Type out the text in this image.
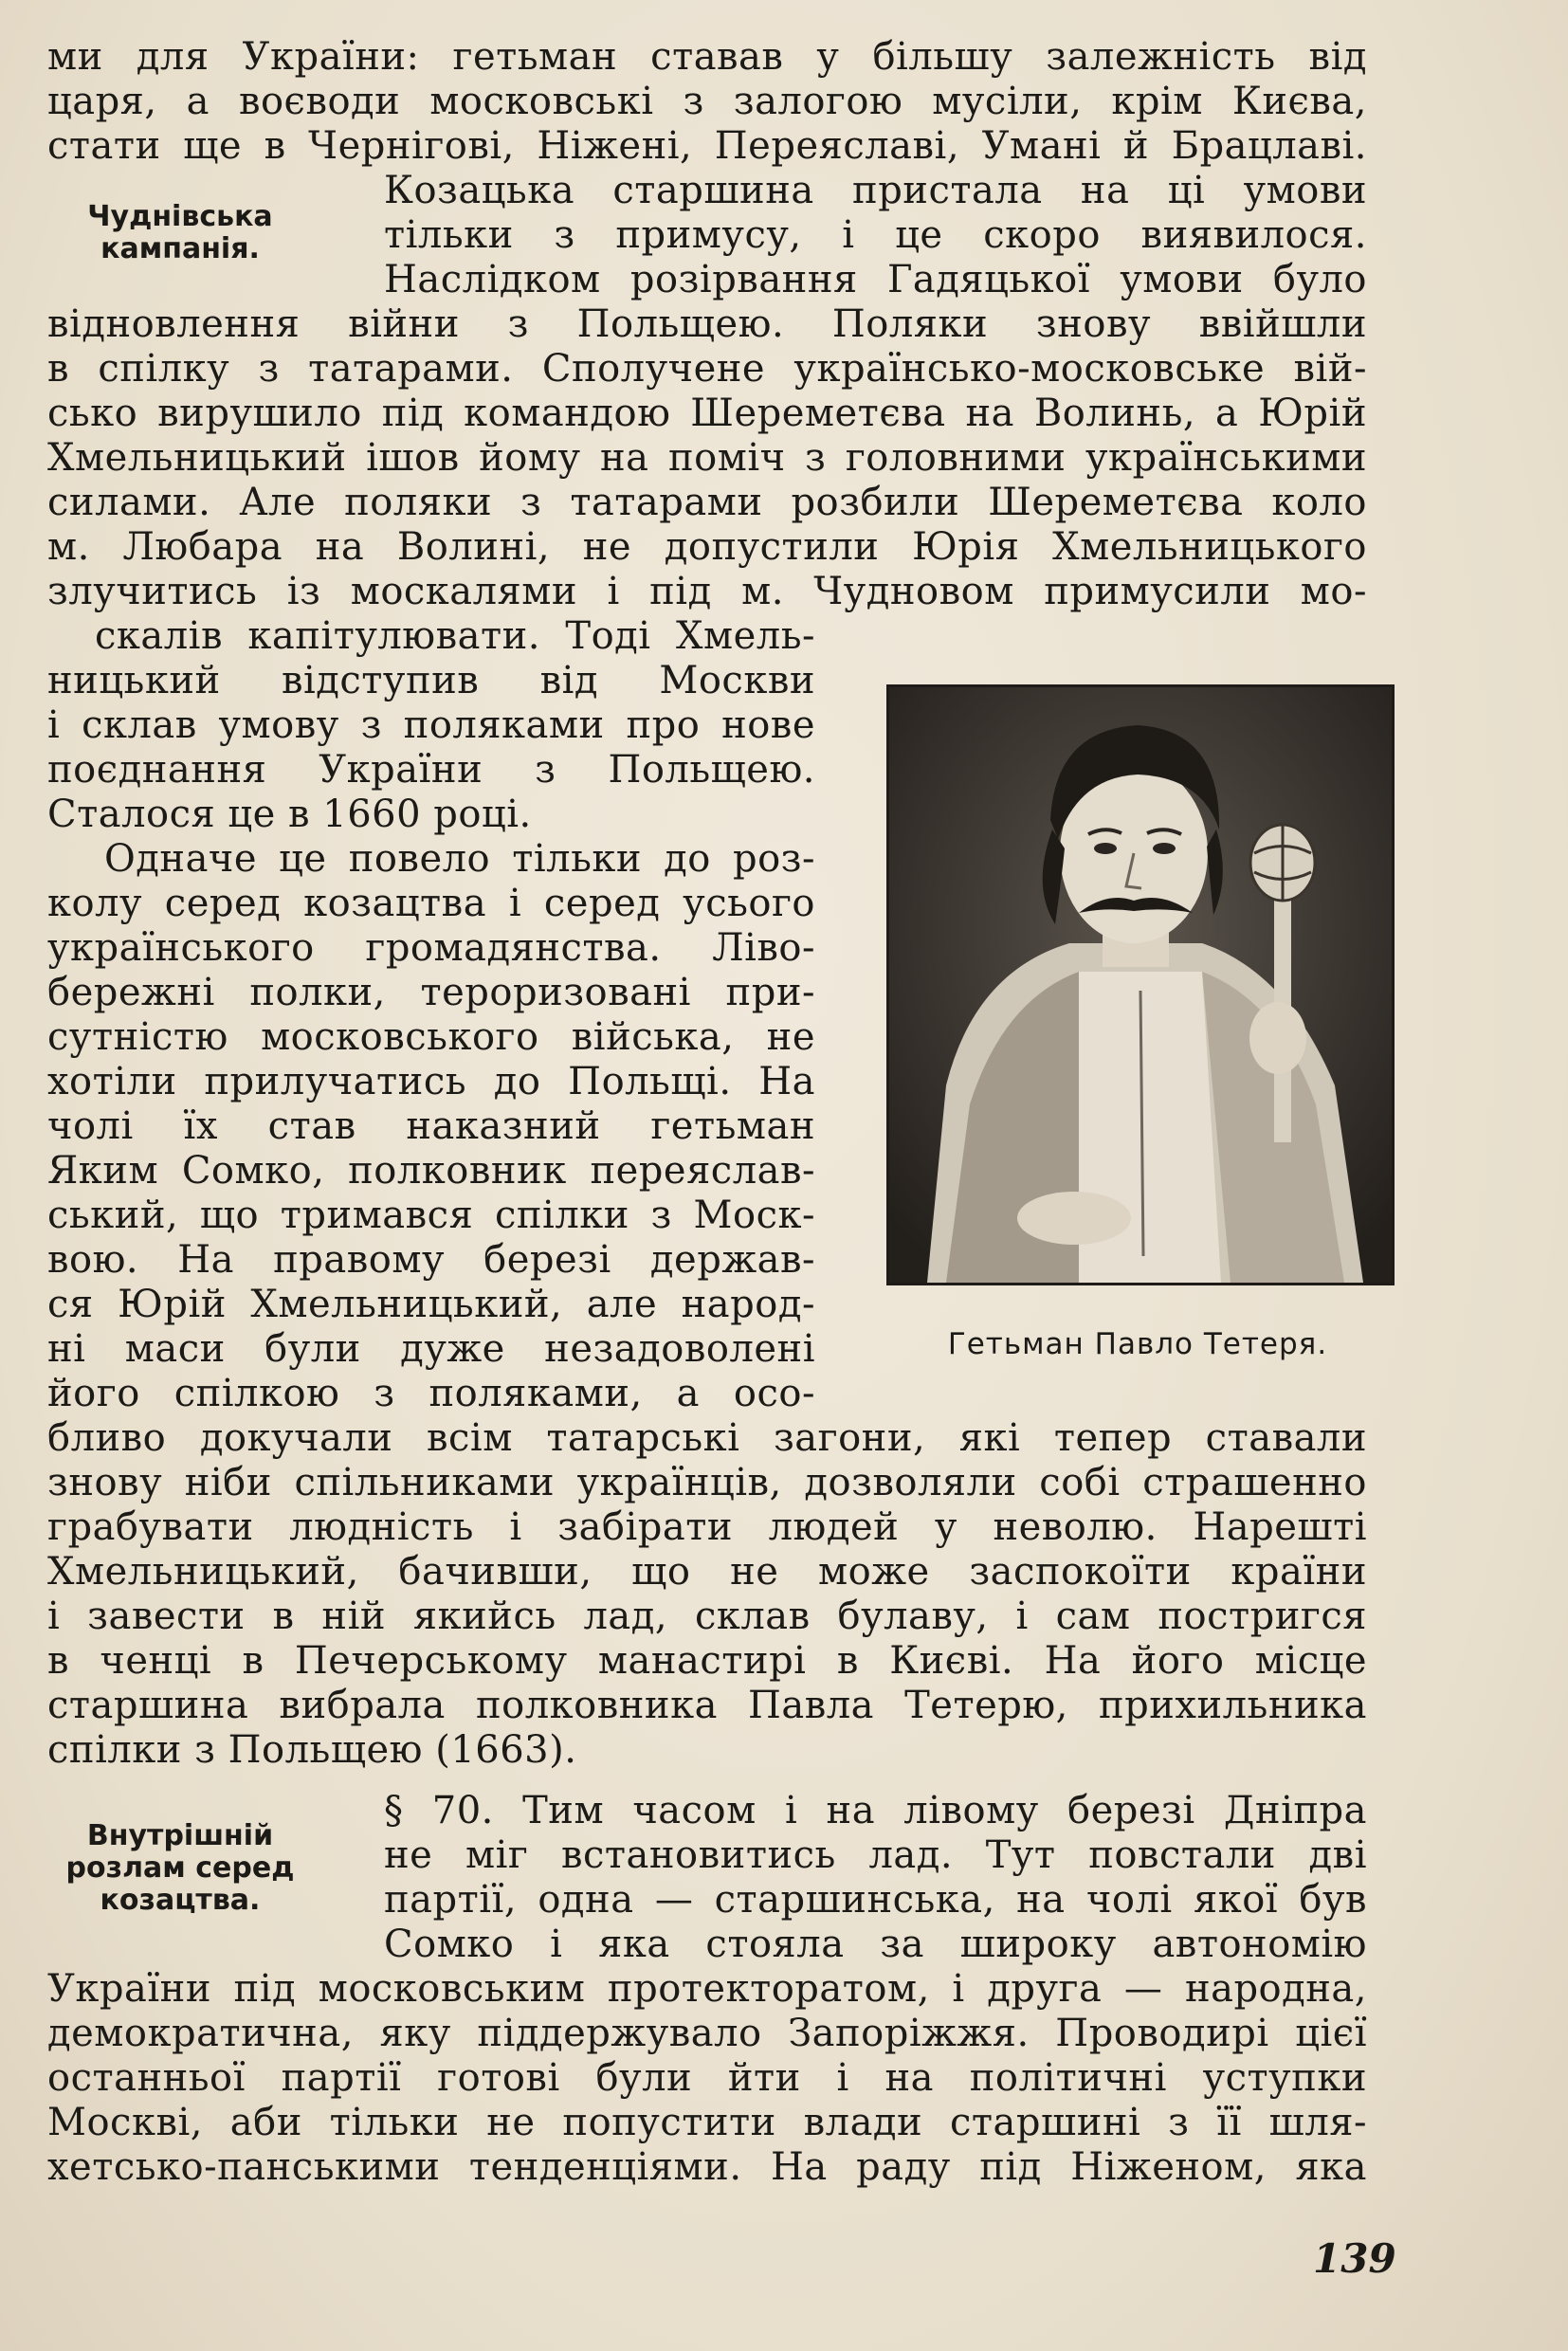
Чуднівська
кампанія.
Внутрішній
розлам серед
козацтва.
ми для України: гетьман ставав у більшу залежність від
царя, а воєводи московські з залогою мусіли, крім Києва,
стати ще в Чернігові, Ніжені, Переяславі, Умані й Брацлаві.
Козацька старшина пристала на ці умови
тільки з примусу, і це скоро виявилося.
Наслідком розірвання Гадяцької умови було
відновлення війни з Польщею. Поляки знову ввійшли
в спілку з татарами. Сполучене українсько-московське вій-
сько вирушило під командою Шереметєва на Волинь, а Юрій
Хмельницький ішов йому на поміч з головними українськими
силами. Але поляки з татарами розбили Шереметєва коло
м. Любара на Волині, не допустили Юрія Хмельницького
злучитись із москалями і під м. Чудновом примусили мо-
скалів капітулювати. Тоді Хмель-
ницький відступив від Москви
і склав умову з поляками про нове
поєднання України з Польщею.
Сталося це в 1660 році.
Одначе це повело тільки до роз-
колу серед козацтва і серед усього
українського громадянства. Ліво-
бережні полки, тероризовані при-
сутністю московського війська, не
хотіли прилучатись до Польщі. На
чолі їх став наказний гетьман
Яким Сомко, полковник переяслав-
ський, що тримався спілки з Моск-
вою. На правому березі держав-
ся Юрій Хмельницький, але народ-
ні маси були дуже незадоволені
його спілкою з поляками, а осо-
бливо докучали всім татарські загони, які тепер ставали
знову ніби спільниками українців, дозволяли собі страшенно
грабувати людність і забірати людей у неволю. Нарешті
Хмельницький, бачивши, що не може заспокоїти країни
і завести в ній якийсь лад, склав булаву, і сам постригся
в ченці в Печерському манастирі в Києві. На його місце
старшина вибрала полковника Павла Тетерю, прихильника
спілки з Польщею (1663).
§ 70. Тим часом і на лівому березі Дніпра
не міг встановитись лад. Тут повстали дві
партії, одна — старшинська, на чолі якої був
Сомко і яка стояла за широку автономію
України під московським протекторатом, і друга — народна,
демократична, яку піддержувало Запоріжжя. Проводирі цієї
останньої партії готові були йти і на політичні уступки
Москві, аби тільки не попустити влади старшині з її шля-
хетсько-панськими тенденціями. На раду під Ніженом, яка
Гетьман Павло Тетеря.
139
